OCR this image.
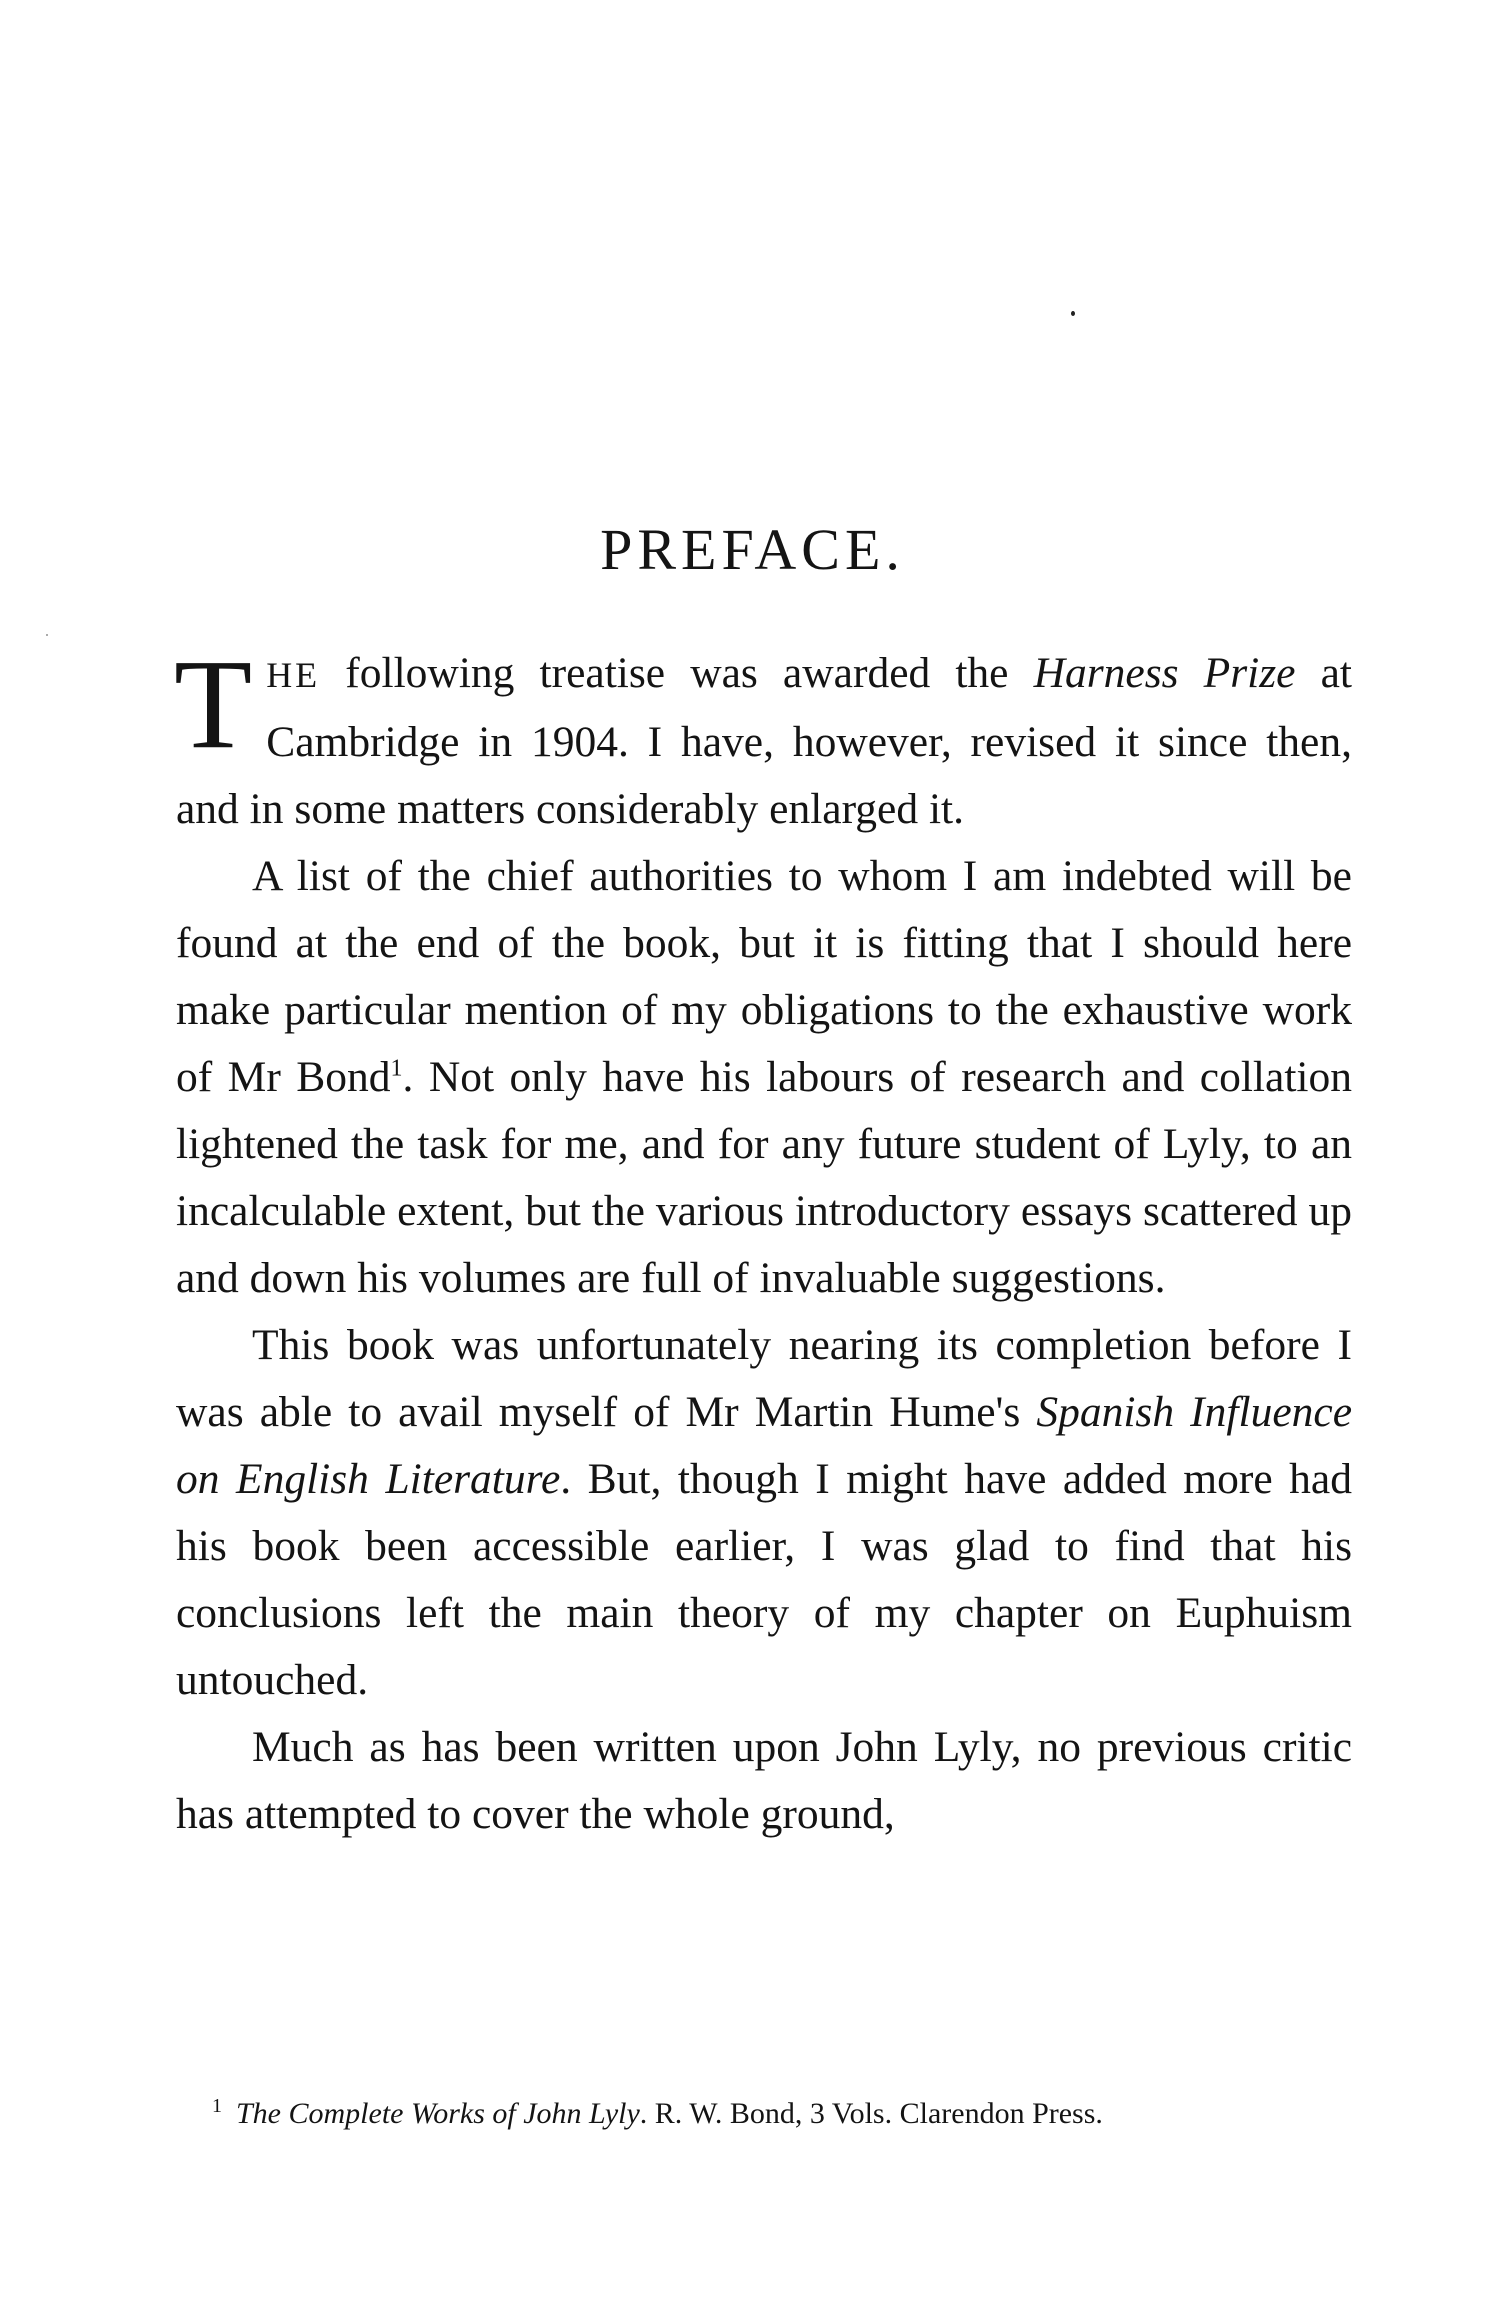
PREFACE.

THE following treatise was awarded the Harness Prize at Cambridge in 1904. I have, however, revised it since then, and in some matters considerably enlarged it.

A list of the chief authorities to whom I am indebted will be found at the end of the book, but it is fitting that I should here make particular mention of my obligations to the exhaustive work of Mr Bond$^1$. Not only have his labours of research and collation lightened the task for me, and for any future student of Lyly, to an incalculable extent, but the various introductory essays scattered up and down his volumes are full of invaluable suggestions.

This book was unfortunately nearing its completion before I was able to avail myself of Mr Martin Hume's Spanish Influence on English Literature. But, though I might have added more had his book been accessible earlier, I was glad to find that his conclusions left the main theory of my chapter on Euphuism untouched.

Much as has been written upon John Lyly, no previous critic has attempted to cover the whole ground,

$^1$ The Complete Works of John Lyly. R. W. Bond, 3 Vols. Clarendon Press.
